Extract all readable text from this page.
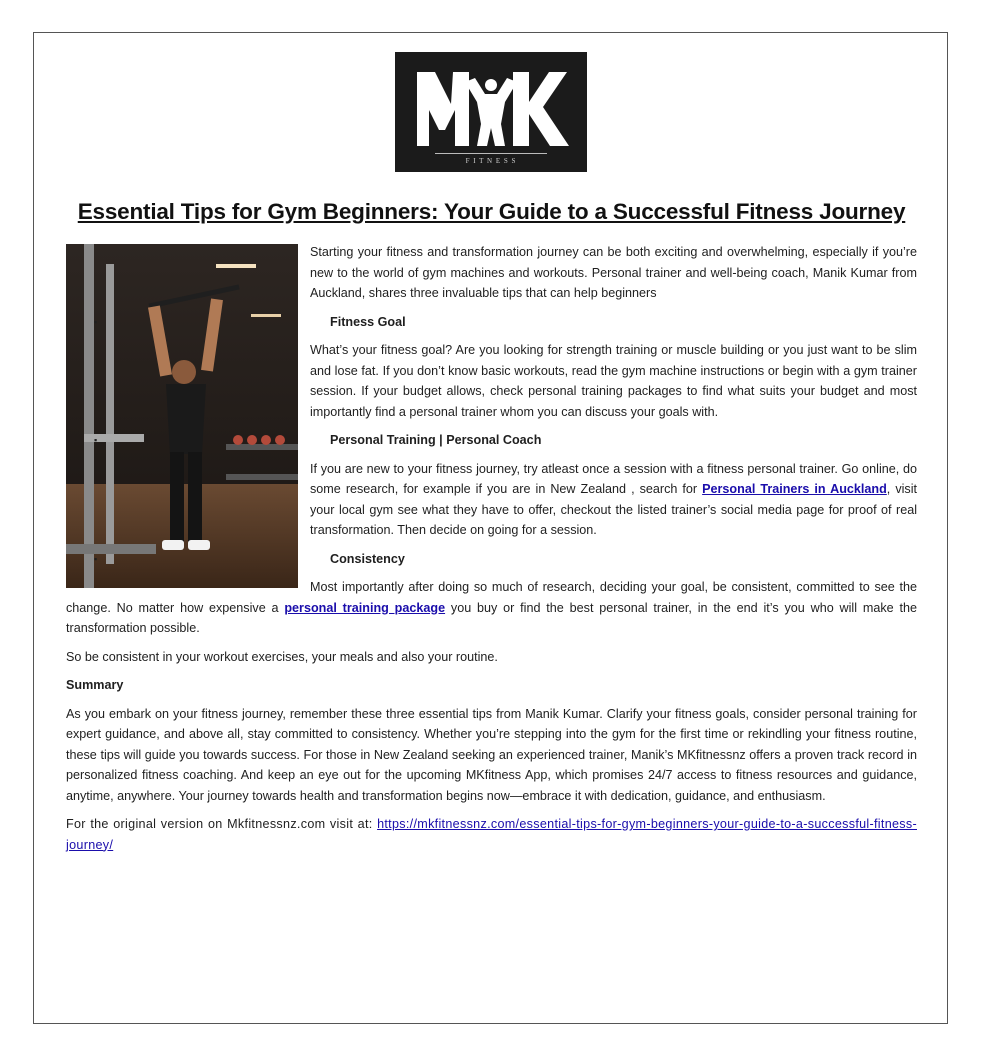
F I T N E S S
Essential Tips for Gym Beginners: Your Guide to a Successful Fitness Journey

Starting your fitness and transformation journey can be both exciting and overwhelming, especially if you’re new to the world of gym machines and workouts. Personal trainer and well-being coach, Manik Kumar from Auckland, shares three invaluable tips that can help beginners

▪	Fitness Goal

What’s your fitness goal? Are you looking for strength training or muscle building or you just want to be slim and lose fat. If you don’t know basic workouts, read the gym machine instructions or begin with a gym trainer session. If your budget allows, check personal training packages to find what suits your budget and most importantly find a personal trainer whom you can discuss your goals with.

▪	Personal Training | Personal Coach

If you are new to your fitness journey, try atleast once a session with a fitness personal trainer. Go online, do some research, for example if you are in New Zealand , search for Personal Trainers in Auckland, visit your local gym see what they have to offer, checkout the listed trainer’s social media page for proof of real transformation. Then decide on going for a session.

▪	Consistency

Most importantly after doing so much of research, deciding your goal, be consistent, committed to see the change. No matter how expensive a personal training package you buy or find the best personal trainer, in the end it’s you who will make the transformation possible.

So be consistent in your workout exercises, your meals and also your routine.

Summary

As you embark on your fitness journey, remember these three essential tips from Manik Kumar. Clarify your fitness goals, consider personal training for expert guidance, and above all, stay committed to consistency. Whether you’re stepping into the gym for the first time or rekindling your fitness routine, these tips will guide you towards success. For those in New Zealand seeking an experienced trainer, Manik’s MKfitnessnz offers a proven track record in personalized fitness coaching. And keep an eye out for the upcoming MKfitness App, which promises 24/7 access to fitness resources and guidance, anytime, anywhere. Your journey towards health and transformation begins now—embrace it with dedication, guidance, and enthusiasm.

For the original version on Mkfitnessnz.com visit at: https://mkfitnessnz.com/essential-tips-for-gym-beginners-your-guide-to-a-successful-fitness-journey/
